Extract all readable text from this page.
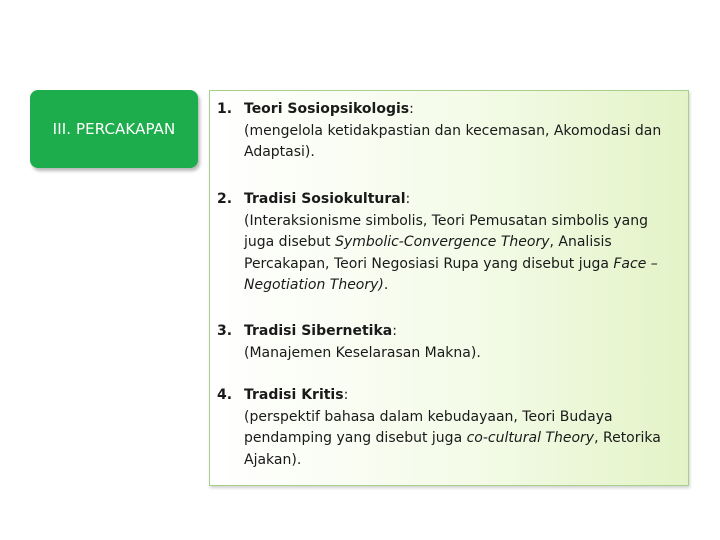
III. PERCAKAPAN
1. Teori Sosiopsikologis :
(mengelola ketidakpastian dan kecemasan, Akomodasi dan Adaptasi).
2. Tradisi Sosiokultural :
(Interaksionisme simbolis, Teori Pemusatan simbolis yang juga disebut Symbolic-Convergence Theory, Analisis Percakapan, Teori Negosiasi Rupa yang disebut juga Face – Negotiation Theory).
3. Tradisi Sibernetika :
(Manajemen Keselarasan Makna).
4. Tradisi Kritis :
(perspektif bahasa dalam kebudayaan, Teori Budaya pendamping yang disebut juga co-cultural Theory, Retorika Ajakan).
